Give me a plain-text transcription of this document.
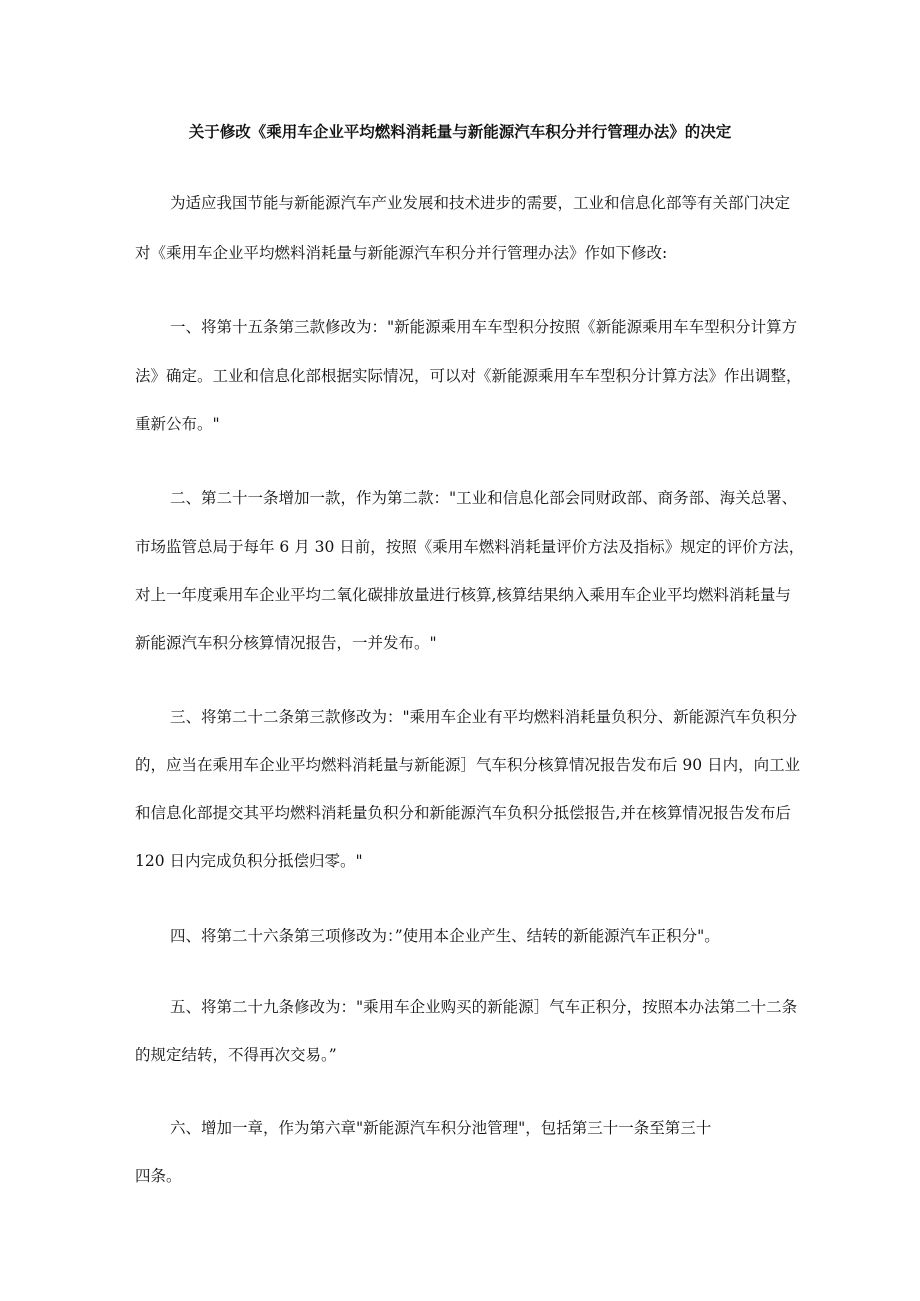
关于修改《乘用车企业平均燃料消耗量与新能源汽车积分并行管理办法》的决定
为适应我国节能与新能源汽车产业发展和技术进步的需要，工业和信息化部等有关部门决定
对《乘用车企业平均燃料消耗量与新能源汽车积分并行管理办法》作如下修改:
一、将第十五条第三款修改为："新能源乘用车车型积分按照《新能源乘用车车型积分计算方
法》确定。工业和信息化部根据实际情况，可以对《新能源乘用车车型积分计算方法》作出调整，
重新公布。"
二、第二十一条增加一款，作为第二款："工业和信息化部会同财政部、商务部、海关总署、
市场监管总局于每年 6 月 30 日前，按照《乘用车燃料消耗量评价方法及指标》规定的评价方法，
对上一年度乘用车企业平均二氧化碳排放量进行核算,核算结果纳入乘用车企业平均燃料消耗量与
新能源汽车积分核算情况报告，一并发布。"
三、将第二十二条第三款修改为："乘用车企业有平均燃料消耗量负积分、新能源汽车负积分
的，应当在乘用车企业平均燃料消耗量与新能源］气车积分核算情况报告发布后 90 日内，向工业
和信息化部提交其平均燃料消耗量负积分和新能源汽车负积分抵偿报告,并在核算情况报告发布后
120 日内完成负积分抵偿归零。"
四、将第二十六条第三项修改为：”使用本企业产生、结转的新能源汽车正积分"。
五、将第二十九条修改为："乘用车企业购买的新能源］气车正积分，按照本办法第二十二条
的规定结转，不得再次交易。”
六、增加一章，作为第六章"新能源汽车积分池管理"，包括第三十一条至第三十
四条。
